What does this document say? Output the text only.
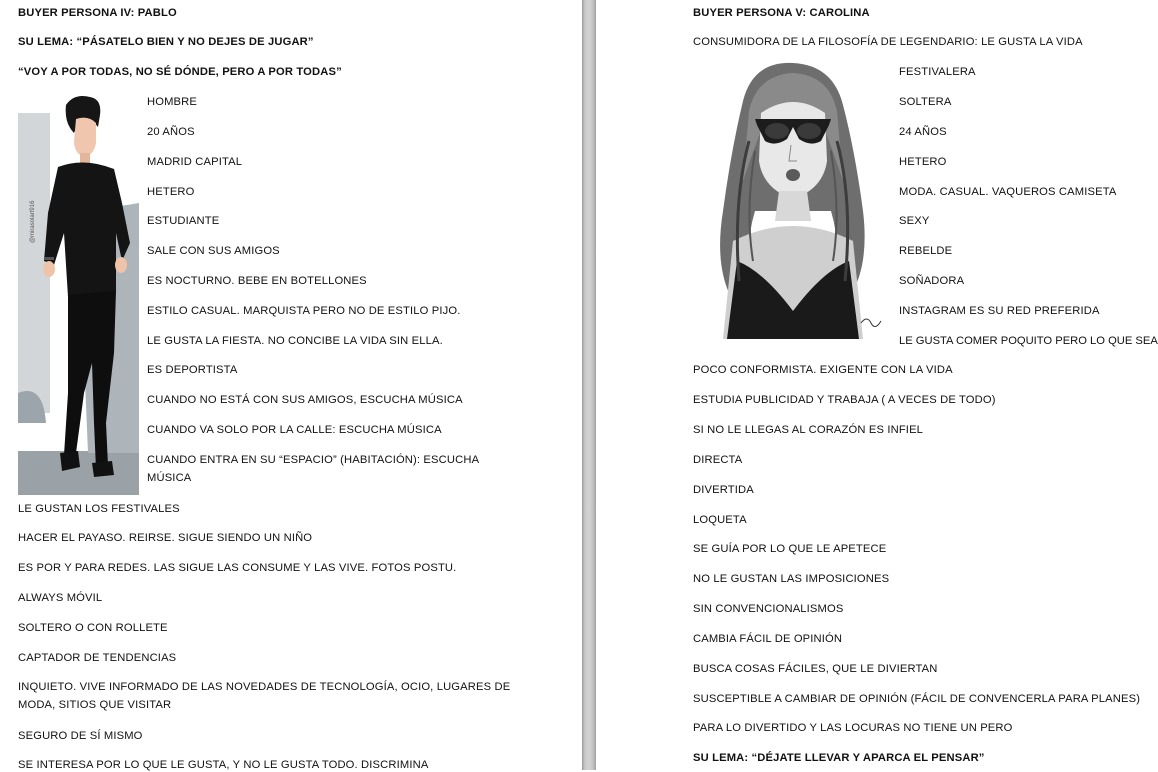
BUYER PERSONA IV: PABLO
SU LEMA: “PÁSATELO BIEN Y NO DEJES DE JUGAR”
“VOY A POR TODAS, NO SÉ DÓNDE, PERO A POR TODAS”
@mirasolart916
HOMBRE
20 AÑOS
MADRID CAPITAL
HETERO
ESTUDIANTE
SALE CON SUS AMIGOS
ES NOCTURNO. BEBE EN BOTELLONES
ESTILO CASUAL. MARQUISTA PERO NO DE ESTILO PIJO.
LE GUSTA LA FIESTA. NO CONCIBE LA VIDA SIN ELLA.
ES DEPORTISTA
CUANDO NO ESTÁ CON SUS AMIGOS, ESCUCHA MÚSICA
CUANDO VA SOLO POR LA CALLE: ESCUCHA MÚSICA
CUANDO ENTRA EN SU “ESPACIO” (HABITACIÓN): ESCUCHA MÚSICA
LE GUSTAN LOS FESTIVALES
HACER EL PAYASO. REIRSE. SIGUE SIENDO UN NIÑO
ES POR Y PARA REDES. LAS SIGUE LAS CONSUME Y LAS VIVE. FOTOS POSTU.
ALWAYS MÓVIL
SOLTERO O CON ROLLETE
CAPTADOR DE TENDENCIAS
INQUIETO. VIVE INFORMADO DE LAS NOVEDADES DE TECNOLOGÍA, OCIO, LUGARES DE MODA, SITIOS QUE VISITAR
SEGURO DE SÍ MISMO
SE INTERESA POR LO QUE LE GUSTA, Y NO LE GUSTA TODO. DISCRIMINA
BUYER PERSONA V: CAROLINA
CONSUMIDORA DE LA FILOSOFÍA DE LEGENDARIO: LE GUSTA LA VIDA
FESTIVALERA
SOLTERA
24 AÑOS
HETERO
MODA. CASUAL. VAQUEROS CAMISETA
SEXY
REBELDE
SOÑADORA
INSTAGRAM ES SU RED PREFERIDA
LE GUSTA COMER POQUITO PERO LO QUE SEA
POCO CONFORMISTA. EXIGENTE CON LA VIDA
ESTUDIA PUBLICIDAD Y TRABAJA ( A VECES DE TODO)
SI NO LE LLEGAS AL CORAZÓN ES INFIEL
DIRECTA
DIVERTIDA
LOQUETA
SE GUÍA POR LO QUE LE APETECE
NO LE GUSTAN LAS IMPOSICIONES
SIN CONVENCIONALISMOS
CAMBIA FÁCIL DE OPINIÓN
BUSCA COSAS FÁCILES, QUE LE DIVIERTAN
SUSCEPTIBLE A CAMBIAR DE OPINIÓN (FÁCIL DE CONVENCERLA PARA PLANES)
PARA LO DIVERTIDO Y LAS LOCURAS NO TIENE UN PERO
SU LEMA: “DÉJATE LLEVAR Y APARCA EL PENSAR”
